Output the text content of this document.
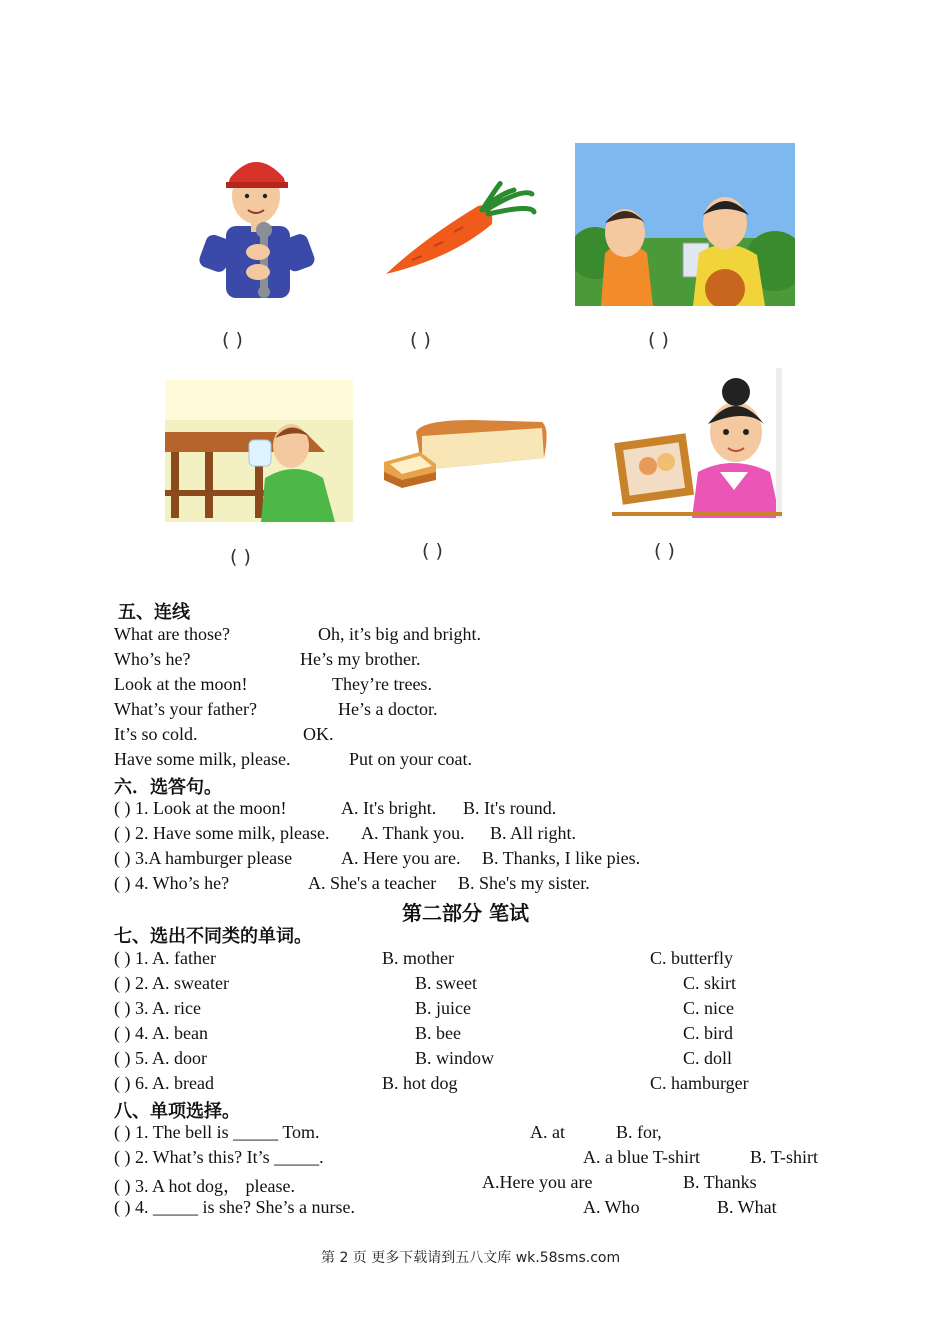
( )	( )	( )
( )	( )	( )
五、连线
What are those?	Oh, it’s big and bright.
Who’s he?	He’s my brother.
Look at the moon!	They’re trees.
What’s your father?	He’s a doctor.
It’s so cold.	OK.
Have some milk, please.	Put on your coat.
六．选答句。
( ) 1. Look at the moon!	A. It's bright. B. It's round.
( ) 2. Have some milk, please. A. Thank you. B. All right.
( ) 3.A hamburger please	A. Here you are. B. Thanks, I like pies.
( ) 4. Who’s he?	A. She's a teacher B. She's my sister.
第二部分 笔试
七、选出不同类的单词。
( ) 1. A. father	B. mother	C. butterfly
( ) 2. A. sweater	B. sweet	C. skirt
( ) 3. A. rice	B. juice	C. nice
( ) 4. A. bean	B. bee	C. bird
( ) 5. A. door	B. window	C. doll
( ) 6. A. bread	B. hot dog	C. hamburger
八、单项选择。
( ) 1. The bell is _____ Tom.	A. at	B. for,
( ) 2. What’s this? It’s _____.	A. a blue T-shirt	B. T-shirt
( ) 3. A hot dog， please.	A.Here you are	B. Thanks
( ) 4. _____ is she? She’s a nurse.	A. Who	B. What
第 2 页 更多下载请到五八文库 wk.58sms.com
